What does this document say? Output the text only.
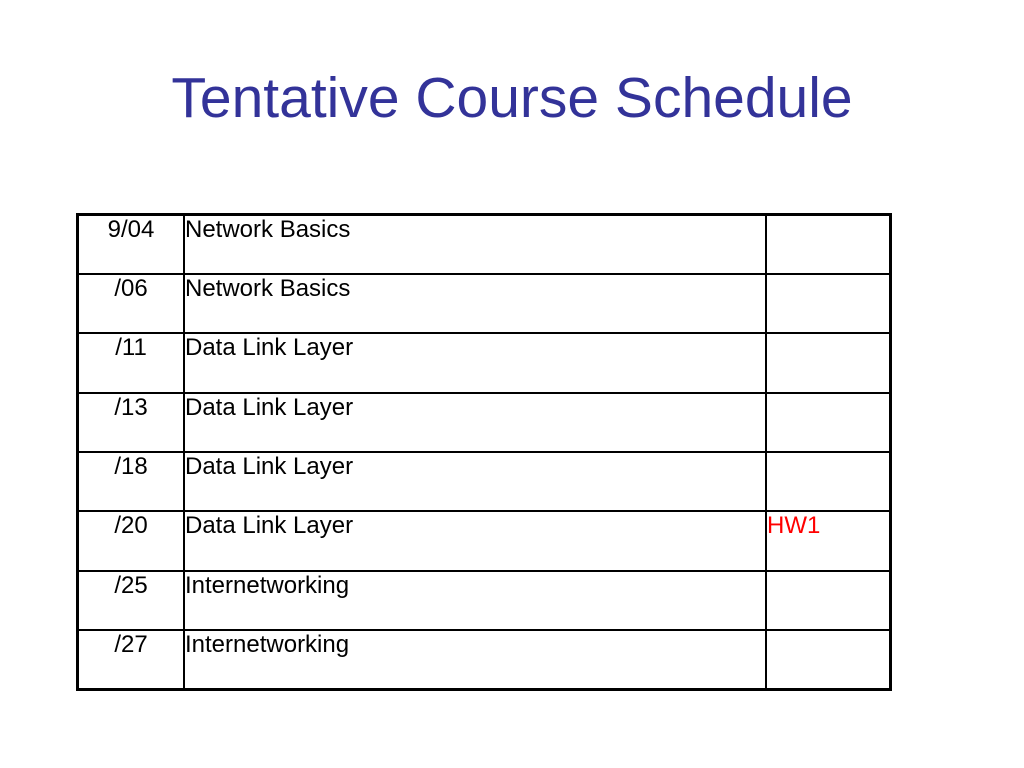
Tentative Course Schedule
9/04	Network Basics	
/06	Network Basics	
/11	Data Link Layer	
/13	Data Link Layer	
/18	Data Link Layer	
/20	Data Link Layer	HW1
/25	Internetworking	
/27	Internetworking	
